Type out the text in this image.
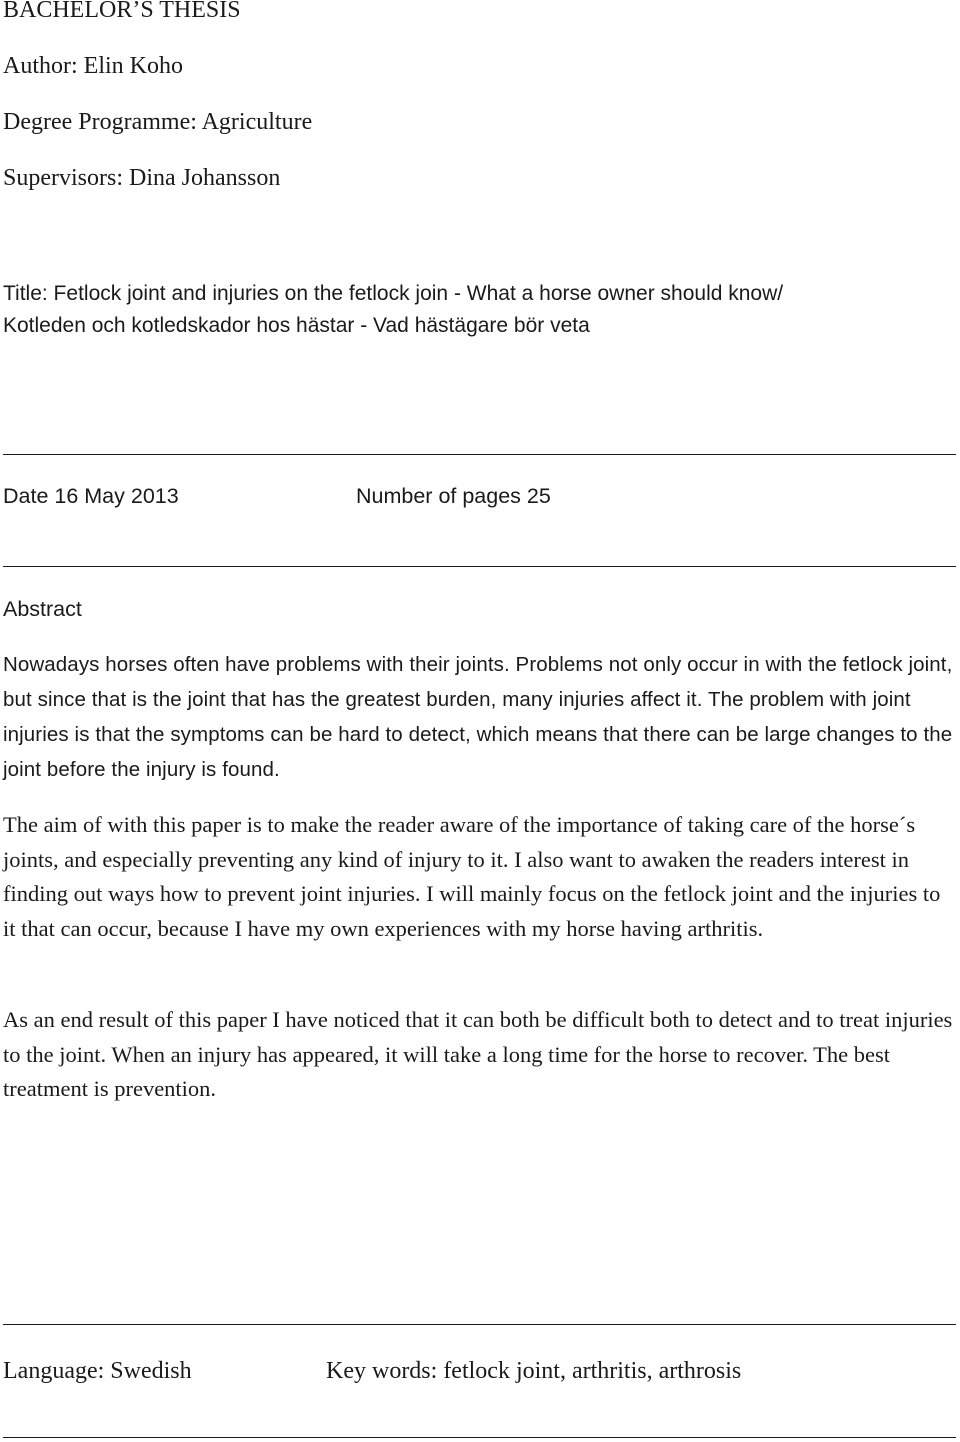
BACHELOR’S THESIS
Author: Elin Koho
Degree Programme: Agriculture
Supervisors: Dina Johansson
Title: Fetlock joint and injuries on the fetlock join - What a horse owner should know/
Kotleden och kotledskador hos hästar - Vad hästägare bör veta
Date 16 May 2013	Number of pages 25
Abstract

Nowadays horses often have problems with their joints. Problems not only occur in with the fetlock joint, but since that is the joint that has the greatest burden, many injuries affect it. The problem with joint injuries is that the symptoms can be hard to detect, which means that there can be large changes to the joint before the injury is found.

The aim of with this paper is to make the reader aware of the importance of taking care of the horse´s joints, and especially preventing any kind of injury to it. I also want to awaken the readers interest in finding out ways how to prevent joint injuries. I will mainly focus on the fetlock joint and the injuries to it that can occur, because I have my own experiences with my horse having arthritis.

As an end result of this paper I have noticed that it can both be difficult both to detect and to treat injuries to the joint. When an injury has appeared, it will take a long time for the horse to recover. The best treatment is prevention.

Language: Swedish	Key words: fetlock joint, arthritis, arthrosis
